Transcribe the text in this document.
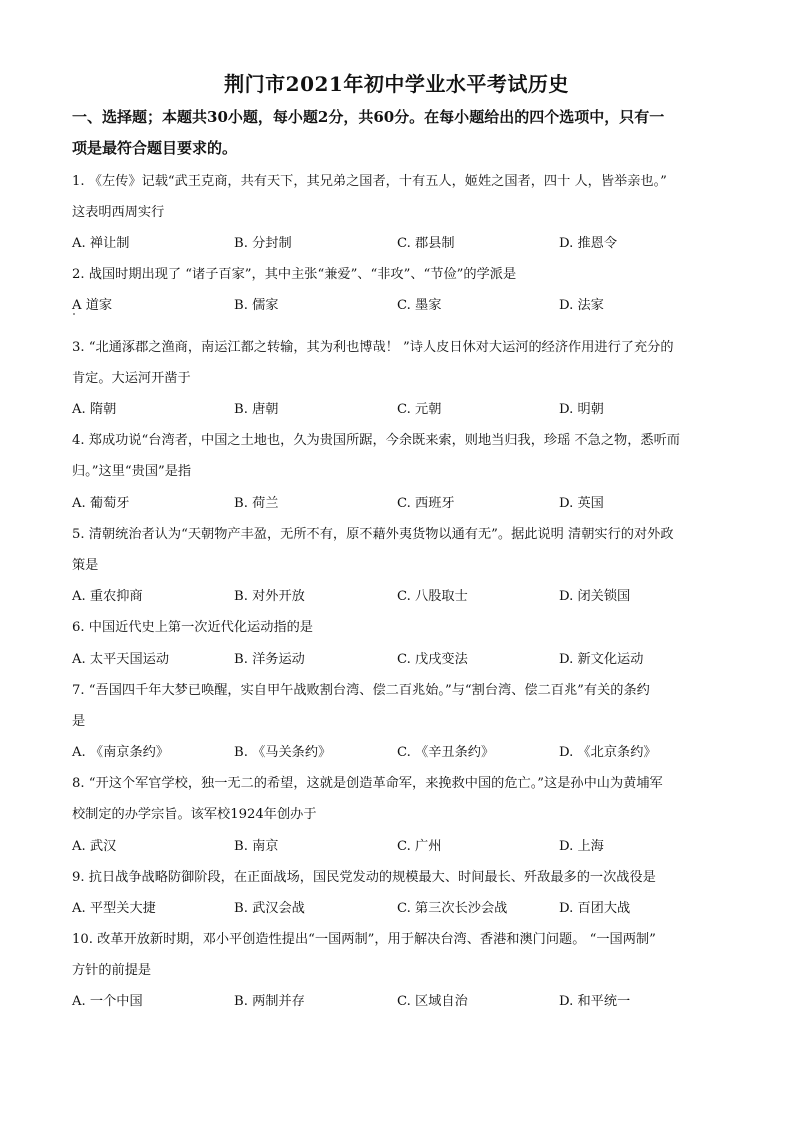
荆门市2021年初中学业水平考试历史
一、选择题；本题共30小题，每小题2分，共60分。在每小题给出的四个选项中，只有一
项是最符合题目要求的。
1. 《左传》记载“武王克商，共有天下，其兄弟之国者，十有五人，姬姓之国者，四十 人，皆举亲也。”
这表明西周实行
A. 禅让制	B. 分封制	C. 郡县制	D. 推恩令
2. 战国时期出现了 “诸子百家”，其中主张“兼爱”、“非攻”、“节俭”的学派是
A 道家	B. 儒家	C. 墨家	D. 法家
3. “北通涿郡之渔商，南运江都之转输，其为利也博哉！ ”诗人皮日休对大运河的经济作用进行了充分的
肯定。大运河开凿于
A. 隋朝	B. 唐朝	C. 元朝	D. 明朝
4. 郑成功说“台湾者，中国之土地也，久为贵国所踞，今余既来索，则地当归我，珍瑶 不急之物，悉听而
归。”这里“贵国”是指
A. 葡萄牙	B. 荷兰	C. 西班牙	D. 英国
5. 清朝统治者认为“天朝物产丰盈，无所不有，原不藉外夷货物以通有无”。据此说明 清朝实行的对外政
策是
A. 重农抑商	B. 对外开放	C. 八股取士	D. 闭关锁国
6. 中国近代史上第一次近代化运动指的是
A. 太平天国运动	B. 洋务运动	C. 戊戌变法	D. 新文化运动
7. “吾国四千年大梦已唤醒，实自甲午战败割台湾、偿二百兆始。”与“割台湾、偿二百兆”有关的条约
是
A. 《南京条约》	B. 《马关条约》	C. 《辛丑条约》	D. 《北京条约》
8. “开这个军官学校，独一无二的希望，这就是创造革命军，来挽救中国的危亡。”这是孙中山为黄埔军
校制定的办学宗旨。该军校1924年创办于
A. 武汉	B. 南京	C. 广州	D. 上海
9. 抗日战争战略防御阶段，在正面战场，国民党发动的规模最大、时间最长、歼敌最多的一次战役是
A. 平型关大捷	B. 武汉会战	C. 第三次长沙会战	D. 百团大战
10. 改革开放新时期，邓小平创造性提出“一国两制”，用于解决台湾、香港和澳门问题。 “一国两制”
方针的前提是
A. 一个中国	B. 两制并存	C. 区域自治	D. 和平统一
